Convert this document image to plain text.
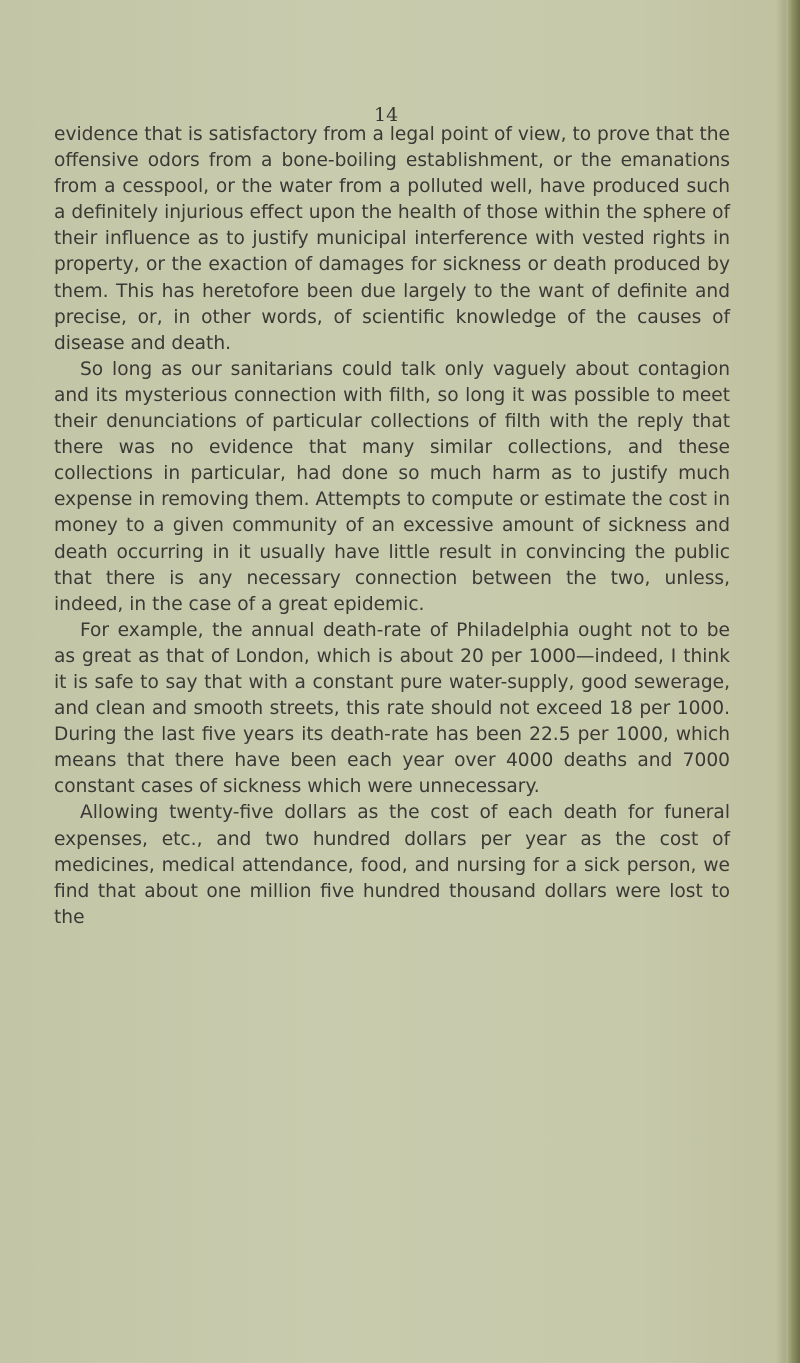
14

evidence that is satisfactory from a legal point of view, to prove that the offensive odors from a bone-boiling establishment, or the emanations from a cesspool, or the water from a polluted well, have produced such a definitely injurious effect upon the health of those within the sphere of their influence as to justify municipal interference with vested rights in property, or the exaction of damages for sickness or death produced by them. This has heretofore been due largely to the want of definite and precise, or, in other words, of scientific knowledge of the causes of disease and death.

So long as our sanitarians could talk only vaguely about contagion and its mysterious connection with filth, so long it was possible to meet their denunciations of particular collections of filth with the reply that there was no evidence that many similar collections, and these collections in particular, had done so much harm as to justify much expense in removing them. Attempts to compute or estimate the cost in money to a given community of an excessive amount of sickness and death occurring in it usually have little result in convincing the public that there is any necessary connection between the two, unless, indeed, in the case of a great epidemic.

For example, the annual death-rate of Philadelphia ought not to be as great as that of London, which is about 20 per 1000—indeed, I think it is safe to say that with a constant pure water-supply, good sewerage, and clean and smooth streets, this rate should not exceed 18 per 1000. During the last five years its death-rate has been 22.5 per 1000, which means that there have been each year over 4000 deaths and 7000 constant cases of sickness which were unnecessary.

Allowing twenty-five dollars as the cost of each death for funeral expenses, etc., and two hundred dollars per year as the cost of medicines, medical attendance, food, and nursing for a sick person, we find that about one million five hundred thousand dollars were lost to the
